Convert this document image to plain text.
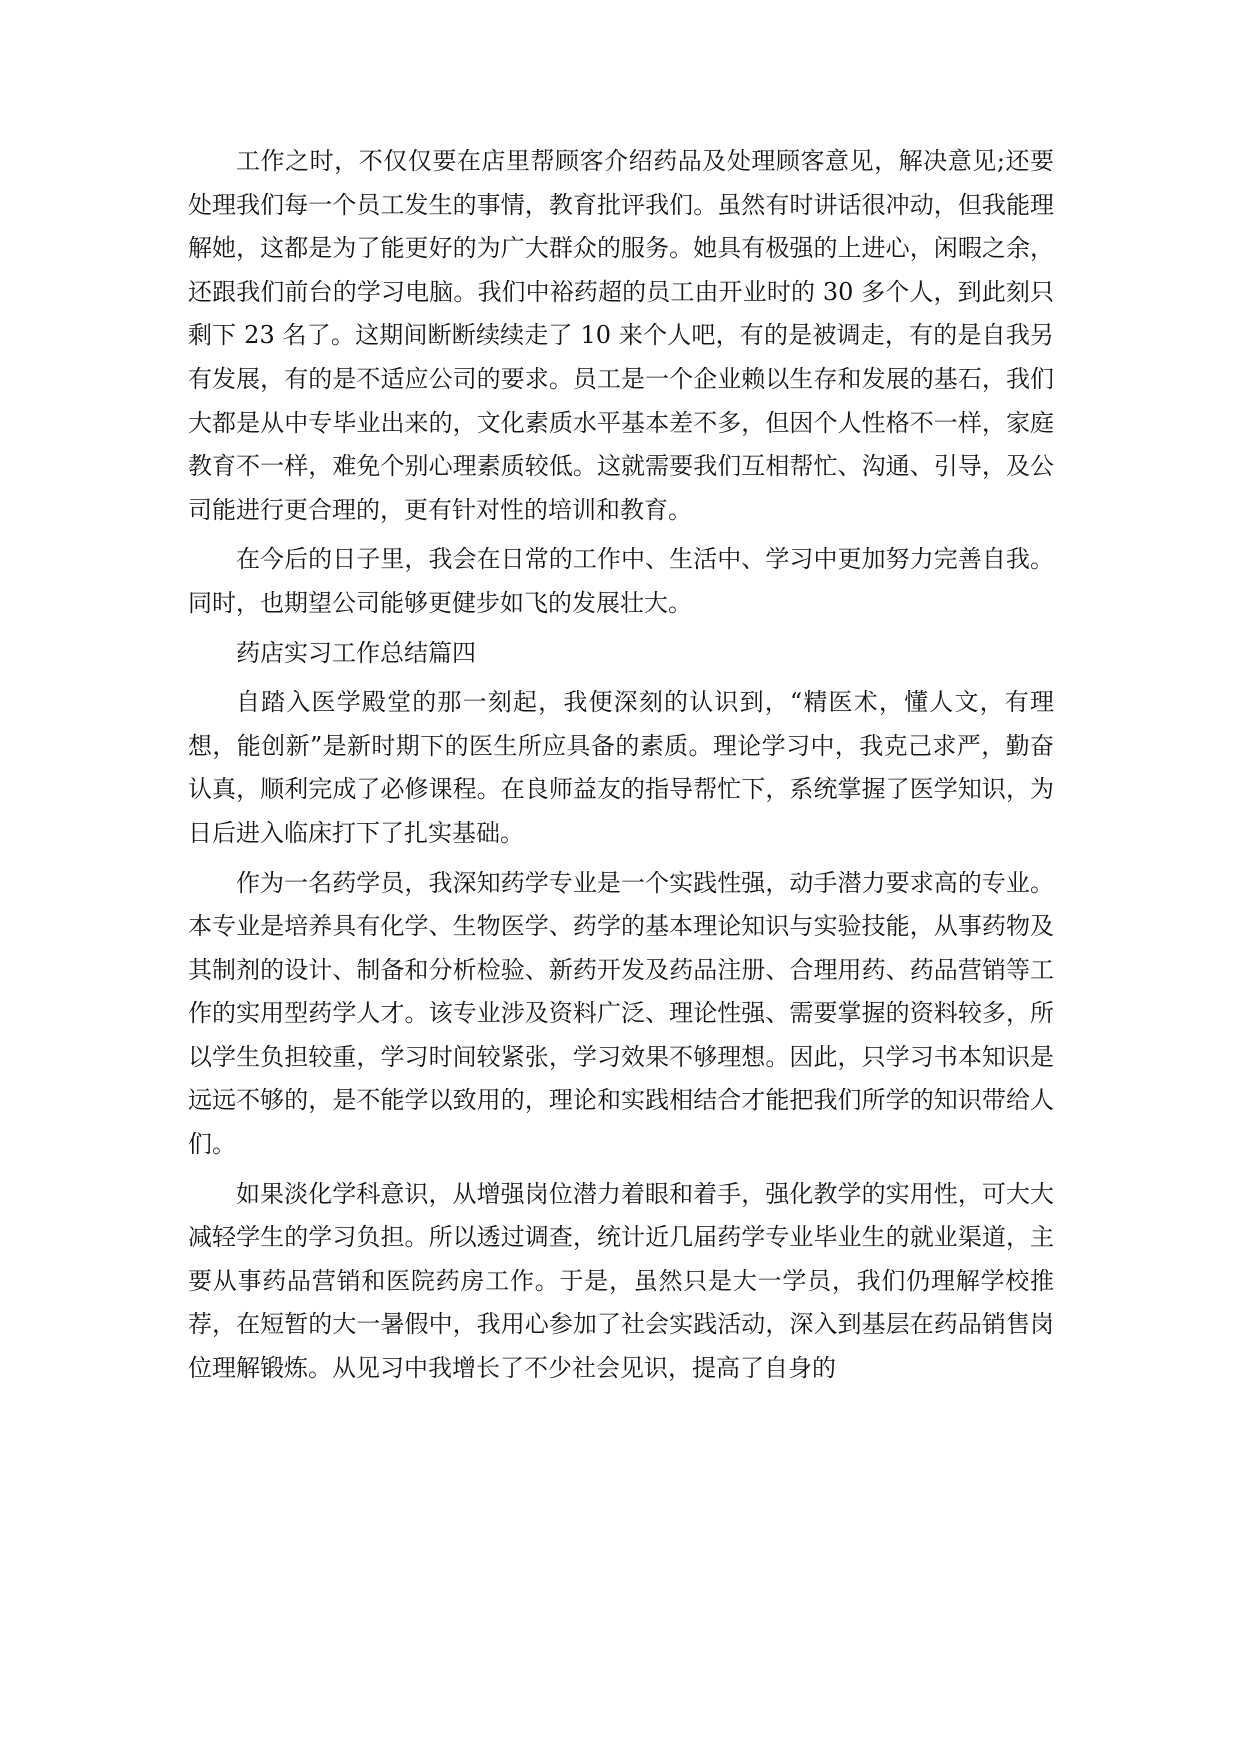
工作之时，不仅仅要在店里帮顾客介绍药品及处理顾客意见，解决意见;还要处理我们每一个员工发生的事情，教育批评我们。虽然有时讲话很冲动，但我能理解她，这都是为了能更好的为广大群众的服务。她具有极强的上进心，闲暇之余，还跟我们前台的学习电脑。我们中裕药超的员工由开业时的 30 多个人，到此刻只剩下 23 名了。这期间断断续续走了 10 来个人吧，有的是被调走，有的是自我另有发展，有的是不适应公司的要求。员工是一个企业赖以生存和发展的基石，我们大都是从中专毕业出来的，文化素质水平基本差不多，但因个人性格不一样，家庭教育不一样，难免个别心理素质较低。这就需要我们互相帮忙、沟通、引导，及公司能进行更合理的，更有针对性的培训和教育。

在今后的日子里，我会在日常的工作中、生活中、学习中更加努力完善自我。同时，也期望公司能够更健步如飞的发展壮大。

药店实习工作总结篇四

自踏入医学殿堂的那一刻起，我便深刻的认识到，“精医术，懂人文，有理想，能创新”是新时期下的医生所应具备的素质。理论学习中，我克己求严，勤奋认真，顺利完成了必修课程。在良师益友的指导帮忙下，系统掌握了医学知识，为日后进入临床打下了扎实基础。

作为一名药学员，我深知药学专业是一个实践性强，动手潜力要求高的专业。本专业是培养具有化学、生物医学、药学的基本理论知识与实验技能，从事药物及其制剂的设计、制备和分析检验、新药开发及药品注册、合理用药、药品营销等工作的实用型药学人才。该专业涉及资料广泛、理论性强、需要掌握的资料较多，所以学生负担较重，学习时间较紧张，学习效果不够理想。因此，只学习书本知识是远远不够的，是不能学以致用的，理论和实践相结合才能把我们所学的知识带给人们。

如果淡化学科意识，从增强岗位潜力着眼和着手，强化教学的实用性，可大大减轻学生的学习负担。所以透过调查，统计近几届药学专业毕业生的就业渠道，主要从事药品营销和医院药房工作。于是，虽然只是大一学员，我们仍理解学校推荐，在短暂的大一暑假中，我用心参加了社会实践活动，深入到基层在药品销售岗位理解锻炼。从见习中我增长了不少社会见识，提高了自身的
